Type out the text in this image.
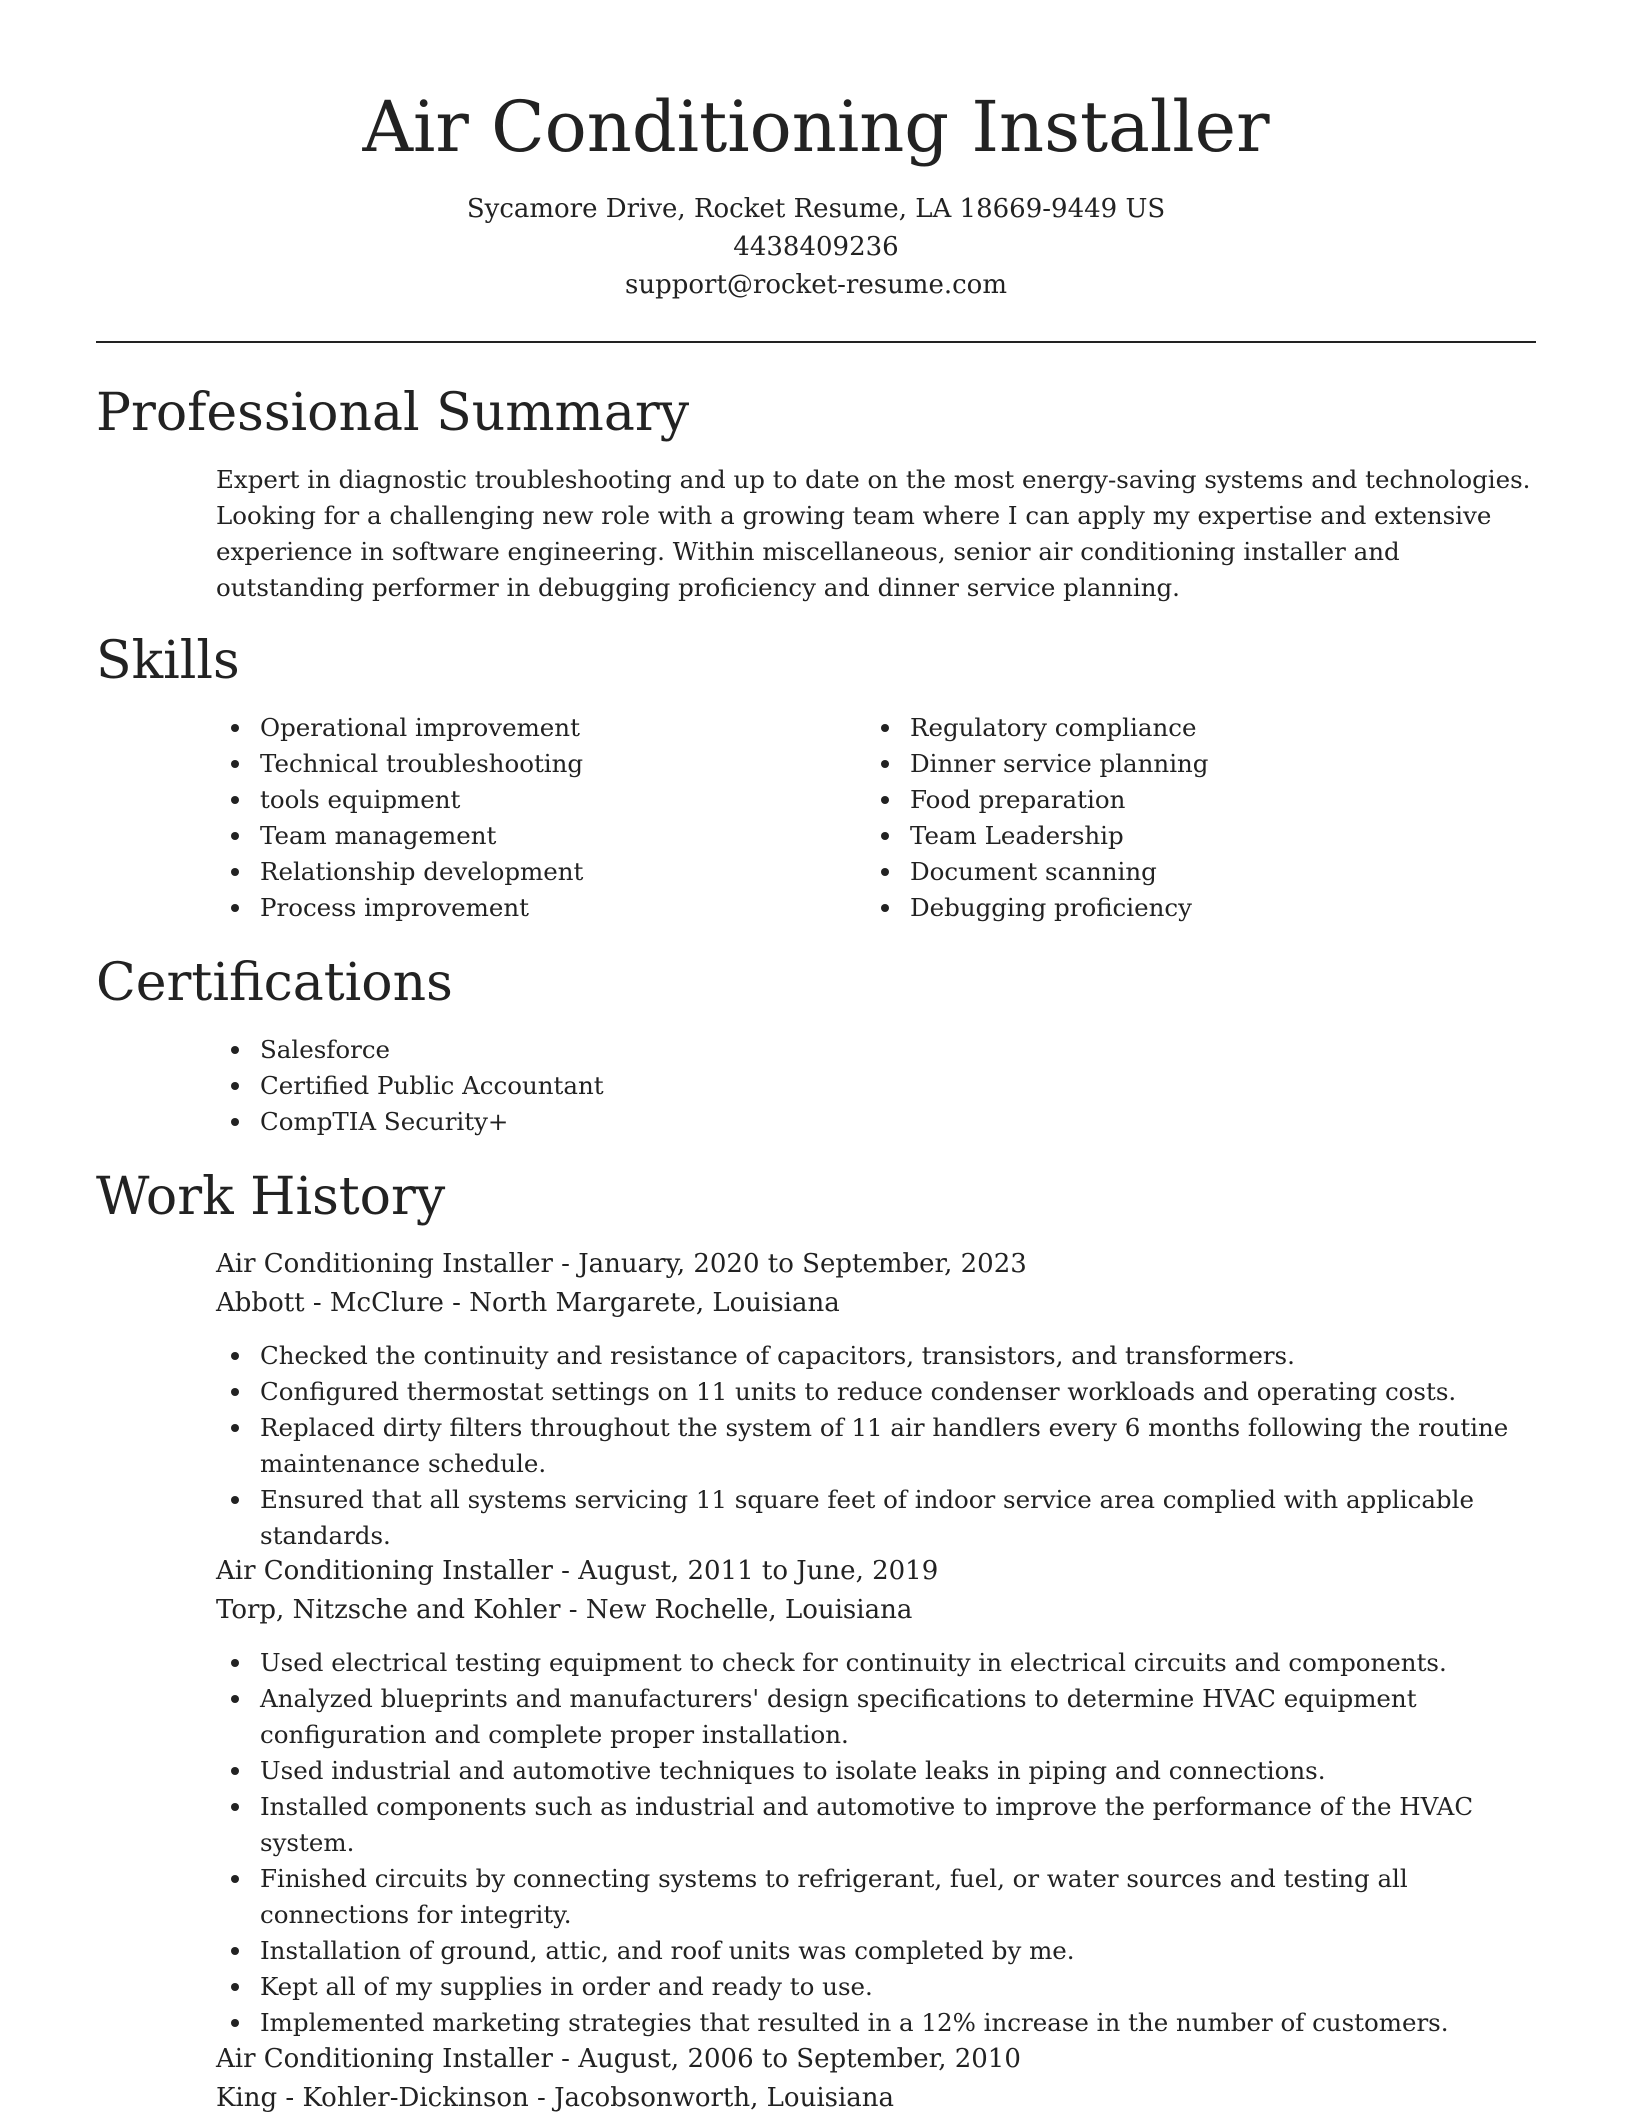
Air Conditioning Installer
Sycamore Drive, Rocket Resume, LA 18669-9449 US
4438409236
support@rocket-resume.com
Professional Summary

Expert in diagnostic troubleshooting and up to date on the most energy-saving systems and technologies. Looking for a challenging new role with a growing team where I can apply my expertise and extensive experience in software engineering. Within miscellaneous, senior air conditioning installer and outstanding performer in debugging proficiency and dinner service planning.

Skills
Operational improvement
Technical troubleshooting
tools equipment
Team management
Relationship development
Process improvement
Regulatory compliance
Dinner service planning
Food preparation
Team Leadership
Document scanning
Debugging proficiency
Certifications
Salesforce
Certified Public Accountant
CompTIA Security+
Work History
Air Conditioning Installer - January, 2020 to September, 2023
Abbott - McClure - North Margarete, Louisiana
Checked the continuity and resistance of capacitors, transistors, and transformers.
Configured thermostat settings on 11 units to reduce condenser workloads and operating costs.
Replaced dirty filters throughout the system of 11 air handlers every 6 months following the routine maintenance schedule.
Ensured that all systems servicing 11 square feet of indoor service area complied with applicable standards.
Air Conditioning Installer - August, 2011 to June, 2019
Torp, Nitzsche and Kohler - New Rochelle, Louisiana
Used electrical testing equipment to check for continuity in electrical circuits and components.
Analyzed blueprints and manufacturers' design specifications to determine HVAC equipment configuration and complete proper installation.
Used industrial and automotive techniques to isolate leaks in piping and connections.
Installed components such as industrial and automotive to improve the performance of the HVAC system.
Finished circuits by connecting systems to refrigerant, fuel, or water sources and testing all connections for integrity.
Installation of ground, attic, and roof units was completed by me.
Kept all of my supplies in order and ready to use.
Implemented marketing strategies that resulted in a 12% increase in the number of customers.
Air Conditioning Installer - August, 2006 to September, 2010
King - Kohler-Dickinson - Jacobsonworth, Louisiana
